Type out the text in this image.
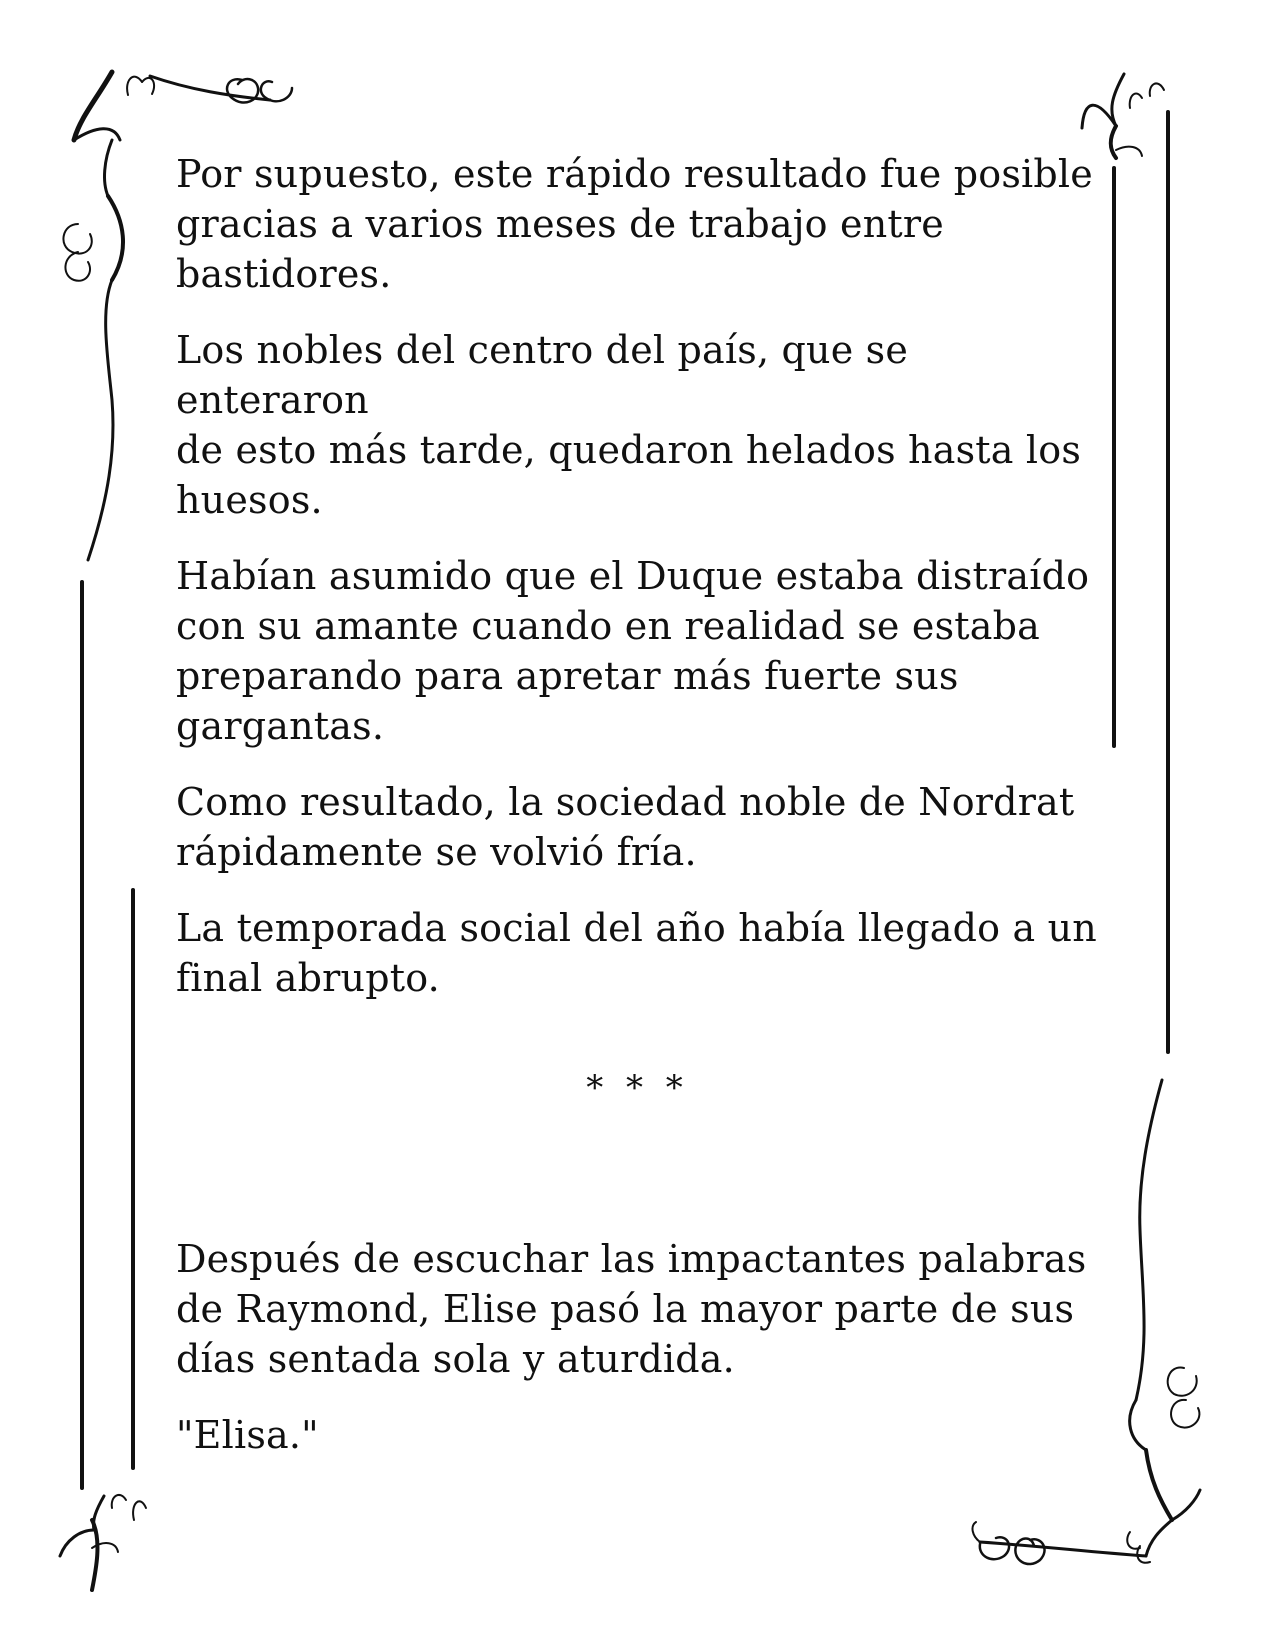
Por supuesto, este rápido resultado fue posible
gracias a varios meses de trabajo entre
bastidores.

Los nobles del centro del país, que se enteraron
de esto más tarde, quedaron helados hasta los
huesos.

Habían asumido que el Duque estaba distraído
con su amante cuando en realidad se estaba
preparando para apretar más fuerte sus
gargantas.

Como resultado, la sociedad noble de Nordrat
rápidamente se volvió fría.

La temporada social del año había llegado a un
final abrupto.

* * *

Después de escuchar las impactantes palabras
de Raymond, Elise pasó la mayor parte de sus
días sentada sola y aturdida.

"Elisa."
